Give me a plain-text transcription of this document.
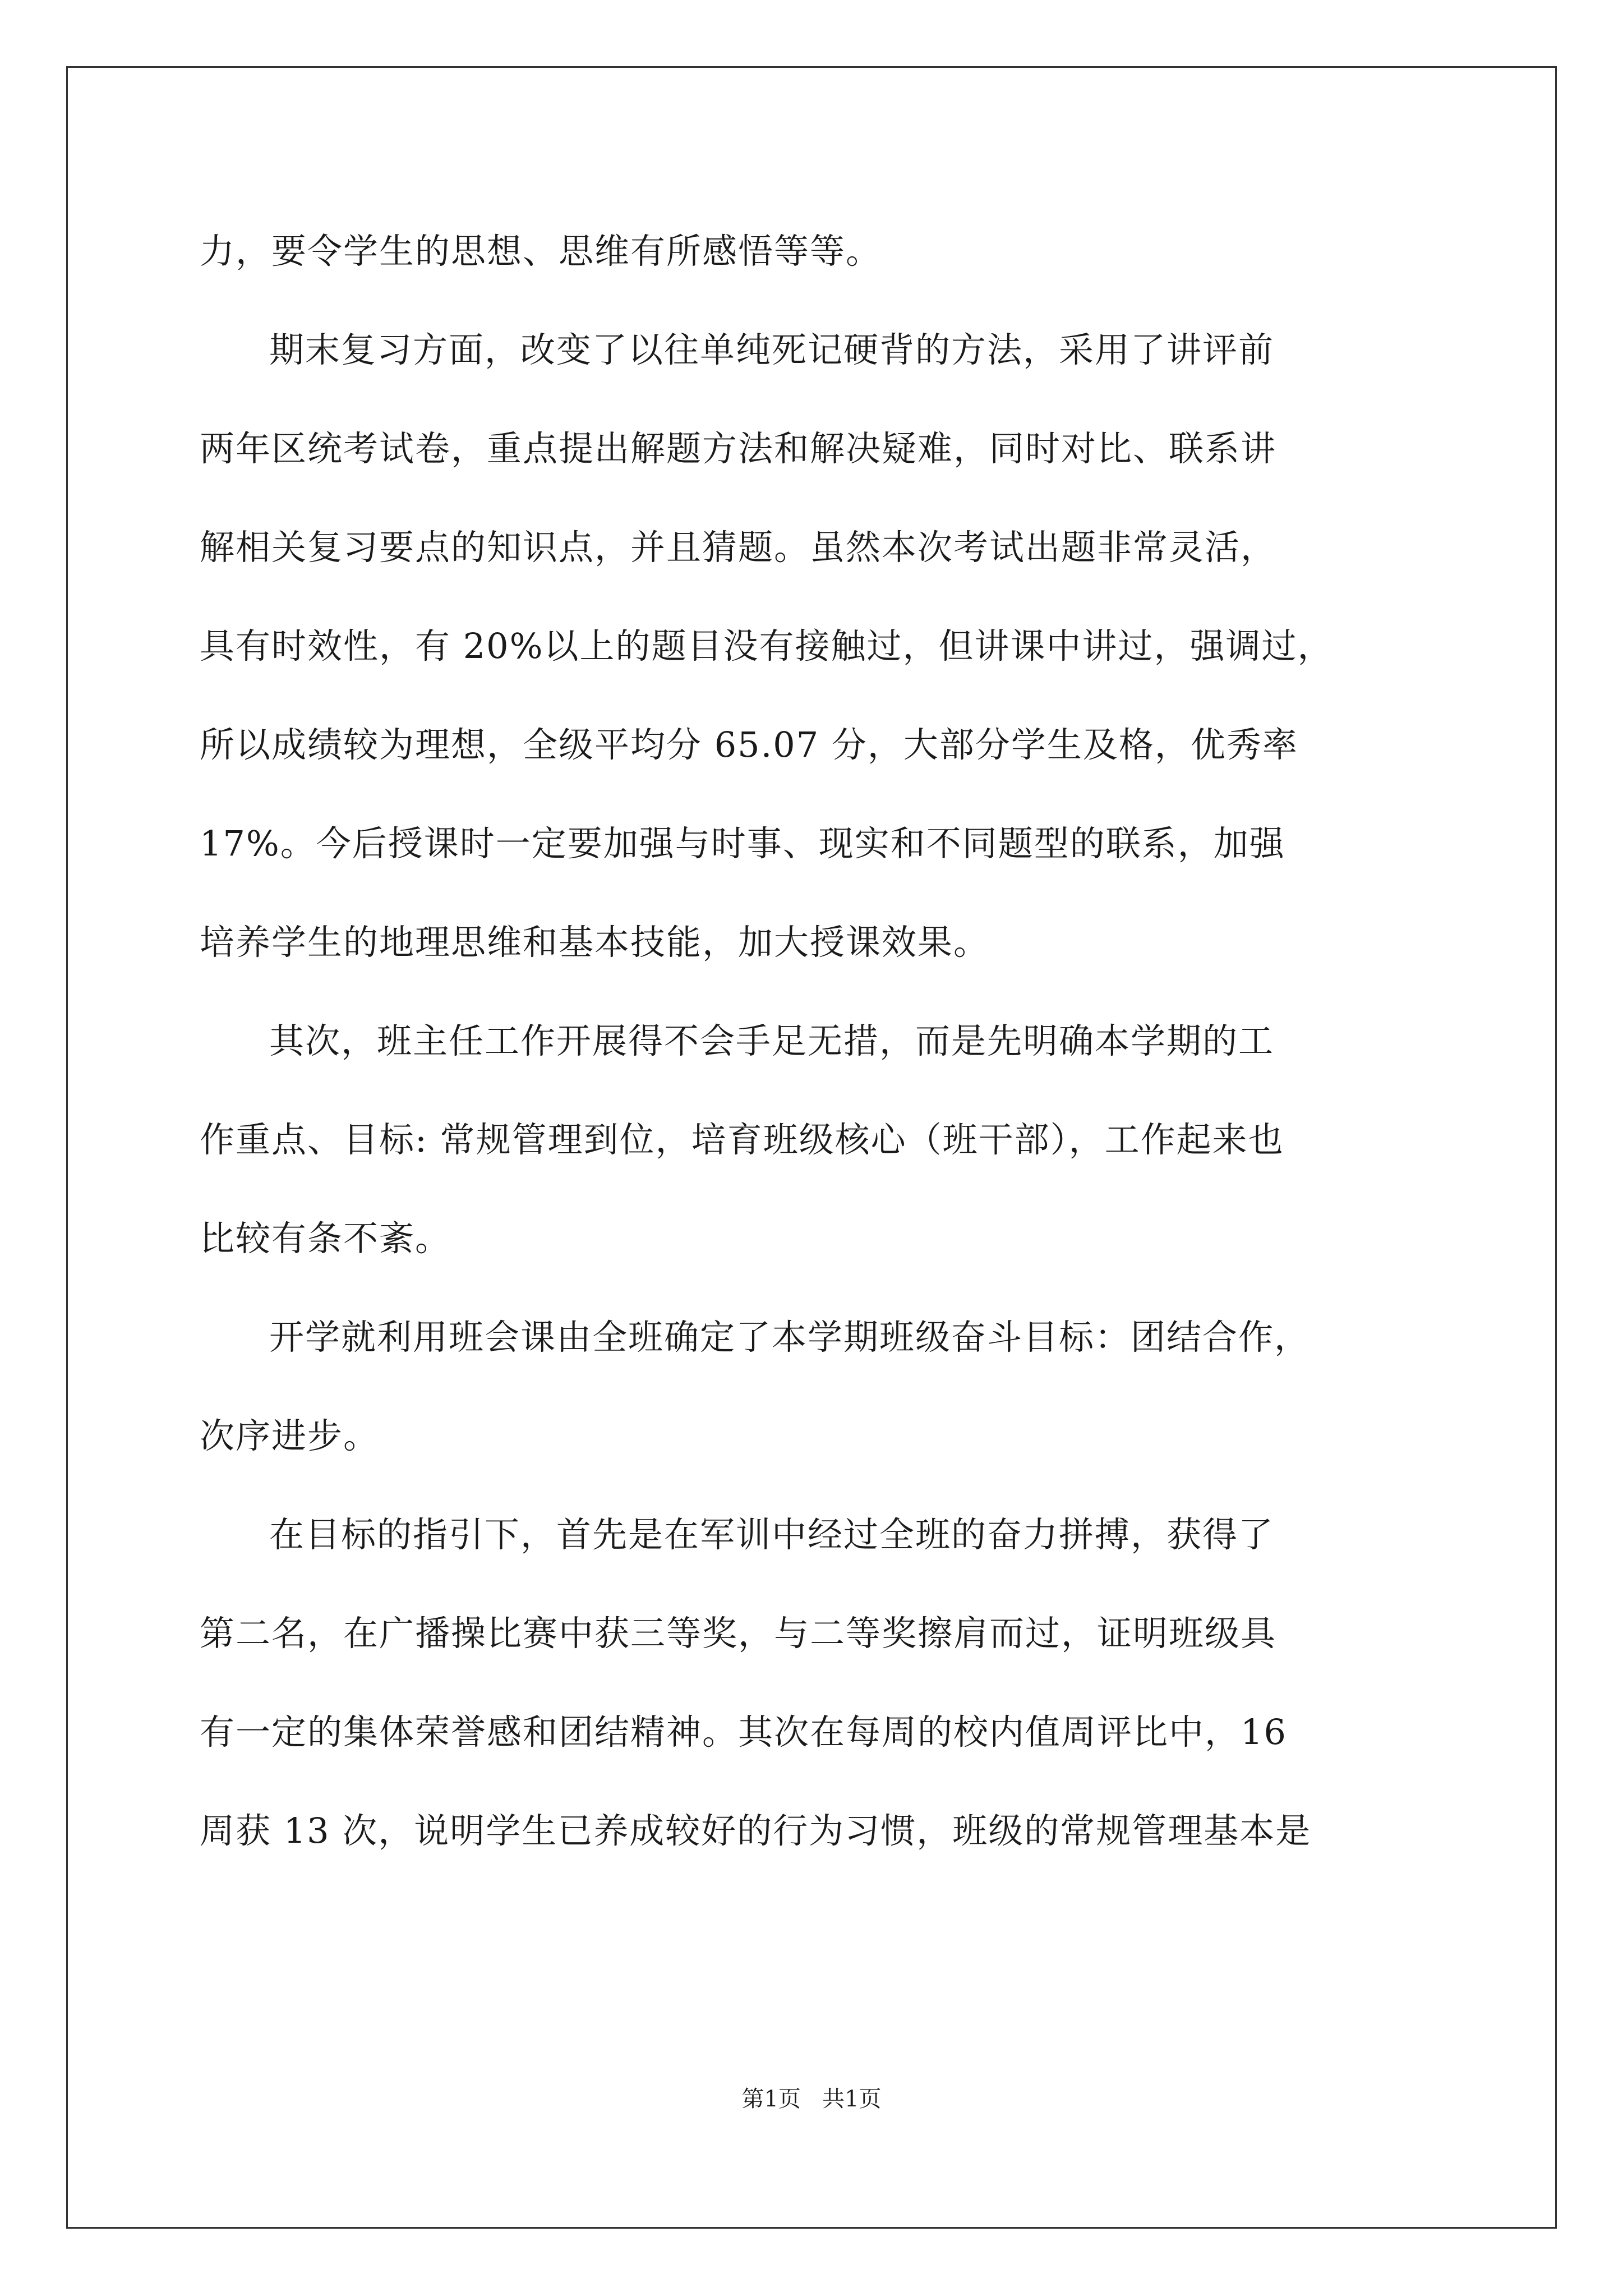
力，要令学生的思想、思维有所感悟等等。
期末复习方面，改变了以往单纯死记硬背的方法，采用了讲评前
两年区统考试卷，重点提出解题方法和解决疑难，同时对比、联系讲
解相关复习要点的知识点，并且猜题。虽然本次考试出题非常灵活，
具有时效性，有 20%以上的题目没有接触过，但讲课中讲过，强调过，
所以成绩较为理想，全级平均分 65.07 分，大部分学生及格，优秀率
17%。今后授课时一定要加强与时事、现实和不同题型的联系，加强
培养学生的地理思维和基本技能，加大授课效果。
其次，班主任工作开展得不会手足无措，而是先明确本学期的工
作重点、目标: 常规管理到位，培育班级核心（班干部），工作起来也
比较有条不紊。
开学就利用班会课由全班确定了本学期班级奋斗目标：团结合作，
次序进步。
在目标的指引下，首先是在军训中经过全班的奋力拼搏，获得了
第二名，在广播操比赛中获三等奖，与二等奖擦肩而过，证明班级具
有一定的集体荣誉感和团结精神。其次在每周的校内值周评比中，16
周获 13 次，说明学生已养成较好的行为习惯，班级的常规管理基本是
第1页   共1页
